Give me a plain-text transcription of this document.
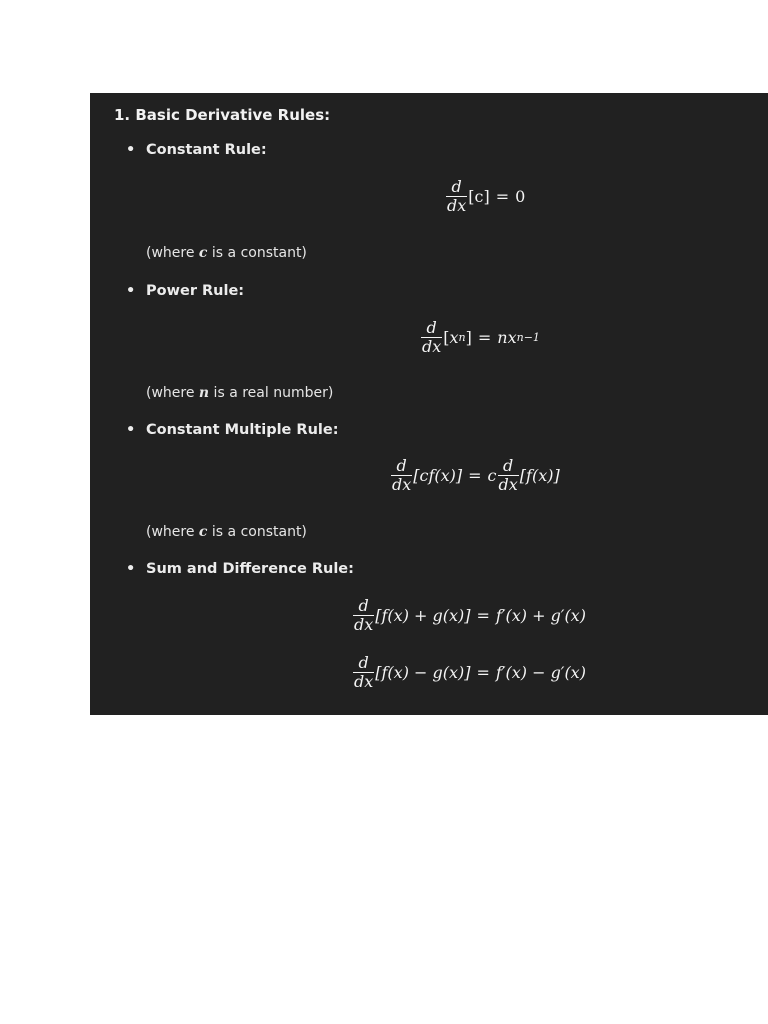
1. Basic Derivative Rules:
• Constant Rule:
$\frac{d}{dx} [c] = 0$
(where c is a constant)
• Power Rule:
$\frac{d}{dx}$ [ x n ] = nx n−1
(where n is a real number)
• Constant Multiple Rule:
$\frac{d}{dx} [cf(x)] = c \frac{d}{dx} [f(x)]$
(where c is a constant)
• Sum and Difference Rule:
$\frac{d}{dx} [f(x) + g(x)] = f'(x) + g'(x)$
$\frac{d}{dx} [f(x) - g(x)] = f'(x) - g'(x)$
